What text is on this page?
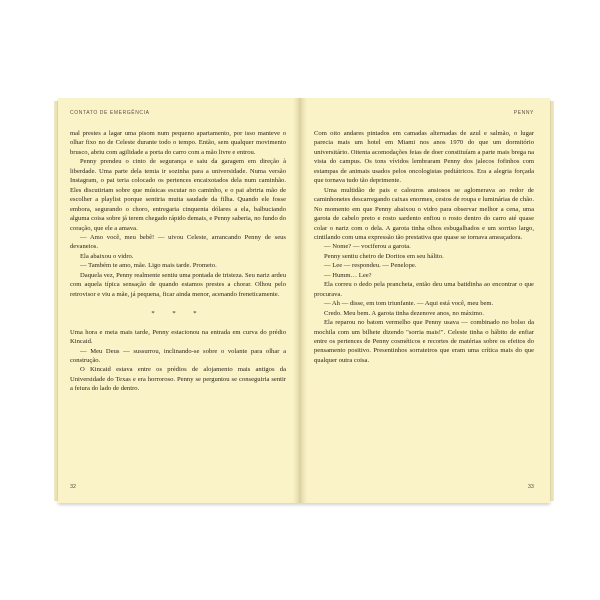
CONTATO DE EMERGÊNCIA

mal prestes a lagar uma pisom num pequeno apartamento, por isso manteve o olhar fixo no de Celeste durante todo o tempo. Então, sem qualquer movimento brusco, abriu com agilidade a porta do carro com a mão livre e entrou.

Penny prendeu o cinto de segurança e saiu da garagem em direção à liberdade. Uma parte dela temia ir sozinha para a universidade. Numa versão Instagram, o pai teria colocado os pertences encaixotados dela num caminhão. Eles discutiriam sobre que músicas escutar no caminho, e o pai abriria mão de escolher a playlist porque sentiria muita saudade da filha. Quando ele fosse embora, segurando o choro, entregaria cinquenta dólares a ela, balbuciando alguma coisa sobre já terem chegado rápido demais, e Penny saberia, no fundo do coração, que ele a amava.

— Amo você, meu bebê! — uivou Celeste, arrancando Penny de seus devaneios.

Ela abaixou o vidro.

— Também te amo, mãe. Ligo mais tarde. Prometo.

Daquela vez, Penny realmente sentiu uma pontada de tristeza. Seu nariz ardeu com aquela típica sensação de quando estamos prestes a chorar. Olhou pelo retrovisor e viu a mãe, já pequena, ficar ainda menor, acenando freneticamente.

* * *

Uma hora e meia mais tarde, Penny estacionou na entrada em curva do prédio Kincaid.

— Meu Deus — sussurrou, inclinando-se sobre o volante para olhar a construção.

O Kincaid estava entre os prédios de alojamento mais antigos da Universidade do Texas e era horroroso. Penny se perguntou se conseguiria sentir a feiura do lado de dentro.

32
PENNY

Com oito andares pintados em camadas alternadas de azul e salmão, o lugar parecia mais um hotel em Miami nos anos 1970 do que um dormitório universitário. Oitenta acomodações feias de doer constituíam a parte mais brega na vista do campus. Os tons vívidos lembraram Penny dos jalecos fofinhos com estampas de animais usados pelos oncologistas pediátricos. Era a alegria forçada que tornava tudo tão deprimente.

Uma multidão de pais e calouros ansiosos se aglomerava ao redor de caminhonetes descarregando caixas enormes, cestos de roupa e luminárias de chão. No momento em que Penny abaixou o vidro para observar melhor a cena, uma garota de cabelo preto e rosto sardento enfiou o rosto dentro do carro até quase colar o nariz com o dela. A garota tinha olhos esbugalhados e um sorriso largo, cintilando com uma expressão tão prestativa que quase se tornava ameaçadora.

— Nome? — vociferou a garota.

Penny sentiu cheiro de Doritos em seu hálito.

— Lee — respondeu. — Penelope.

— Humm… Lee?

Ela correu o dedo pela prancheta, então deu uma batidinha ao encontrar o que procurava.

— Ah — disse, em tom triunfante. — Aqui está você, meu bem.

Credo. Meu bem. A garota tinha dezenove anos, no máximo.

Ela reparou no batom vermelho que Penny usava — combinado no bolso da mochila com um bilhete dizendo "sorria mais!". Celeste tinha o hábito de enfiar entre os pertences de Penny cosméticos e recortes de matérias sobre os efeitos do pensamento positivo. Presentinhos sorrateiros que eram uma crítica mais do que qualquer outra coisa.

33
